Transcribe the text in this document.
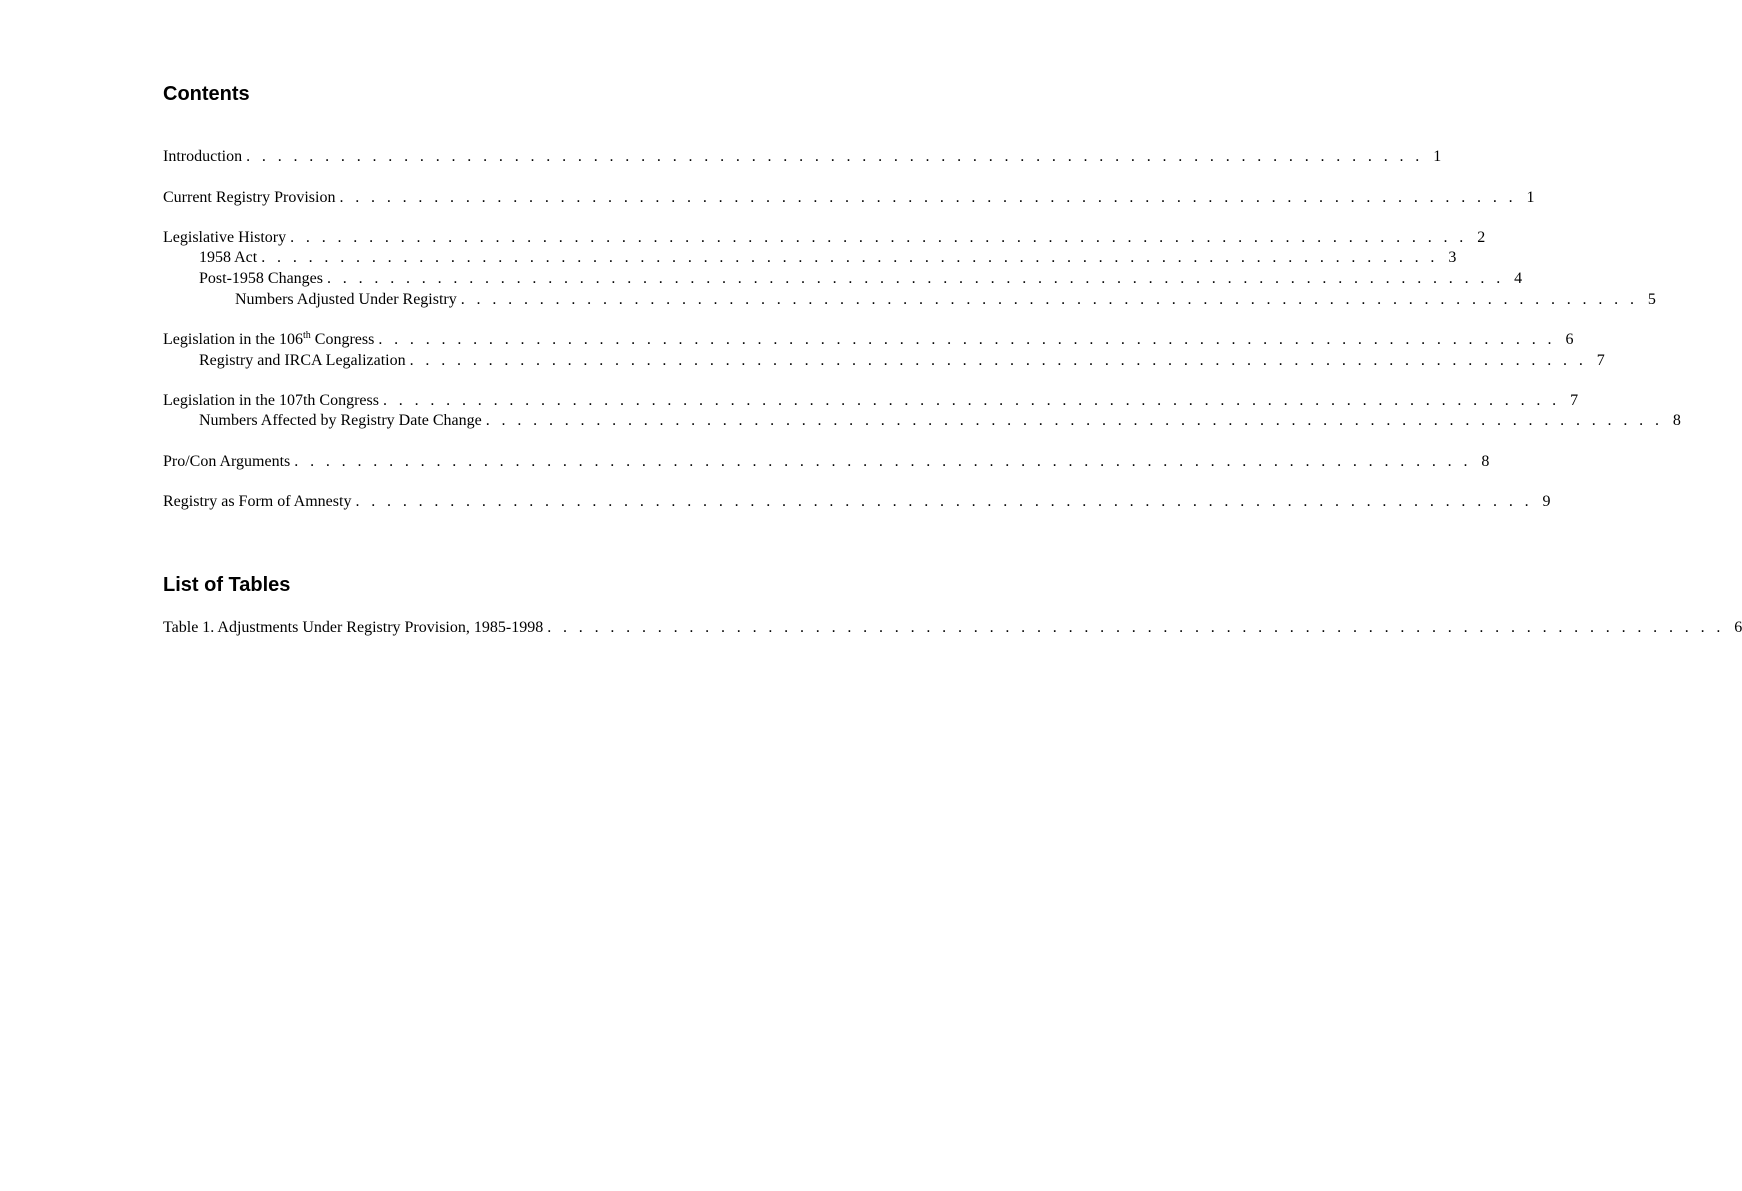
Contents
Introduction . . . . . . . . . . . . . . . . . . . . . . . . . . . . . . . . . . . . . . . . . . . . . . . . . . . . . . . . . . . . . . . . . . . . . . . . . . . 1
Current Registry Provision . . . . . . . . . . . . . . . . . . . . . . . . . . . . . . . . . . . . . . . . . . . . . . . . . . . . . . . . . . . . . . . . . . . . . . . . . . . 1
Legislative History . . . . . . . . . . . . . . . . . . . . . . . . . . . . . . . . . . . . . . . . . . . . . . . . . . . . . . . . . . . . . . . . . . . . . . . . . . . 2
1958 Act . . . . . . . . . . . . . . . . . . . . . . . . . . . . . . . . . . . . . . . . . . . . . . . . . . . . . . . . . . . . . . . . . . . . . . . . . . . 3
Post-1958 Changes . . . . . . . . . . . . . . . . . . . . . . . . . . . . . . . . . . . . . . . . . . . . . . . . . . . . . . . . . . . . . . . . . . . . . . . . . . . 4
Numbers Adjusted Under Registry . . . . . . . . . . . . . . . . . . . . . . . . . . . . . . . . . . . . . . . . . . . . . . . . . . . . . . . . . . . . . . . . . . . . . . . . . . . 5
Legislation in the 106th Congress . . . . . . . . . . . . . . . . . . . . . . . . . . . . . . . . . . . . . . . . . . . . . . . . . . . . . . . . . . . . . . . . . . . . . . . . . . . 6
Registry and IRCA Legalization . . . . . . . . . . . . . . . . . . . . . . . . . . . . . . . . . . . . . . . . . . . . . . . . . . . . . . . . . . . . . . . . . . . . . . . . . . . 7
Legislation in the 107th Congress . . . . . . . . . . . . . . . . . . . . . . . . . . . . . . . . . . . . . . . . . . . . . . . . . . . . . . . . . . . . . . . . . . . . . . . . . . . 7
Numbers Affected by Registry Date Change . . . . . . . . . . . . . . . . . . . . . . . . . . . . . . . . . . . . . . . . . . . . . . . . . . . . . . . . . . . . . . . . . . . . . . . . . . . 8
Pro/Con Arguments . . . . . . . . . . . . . . . . . . . . . . . . . . . . . . . . . . . . . . . . . . . . . . . . . . . . . . . . . . . . . . . . . . . . . . . . . . . 8
Registry as Form of Amnesty . . . . . . . . . . . . . . . . . . . . . . . . . . . . . . . . . . . . . . . . . . . . . . . . . . . . . . . . . . . . . . . . . . . . . . . . . . . 9
List of Tables
Table 1. Adjustments Under Registry Provision, 1985-1998 . . . . . . . . . . . . . . . . . . . . . . . . . . . . . . . . . . . . . . . . . . . . . . . . . . . . . . . . . . . . . . . . . . . . . . . . . . . 6
